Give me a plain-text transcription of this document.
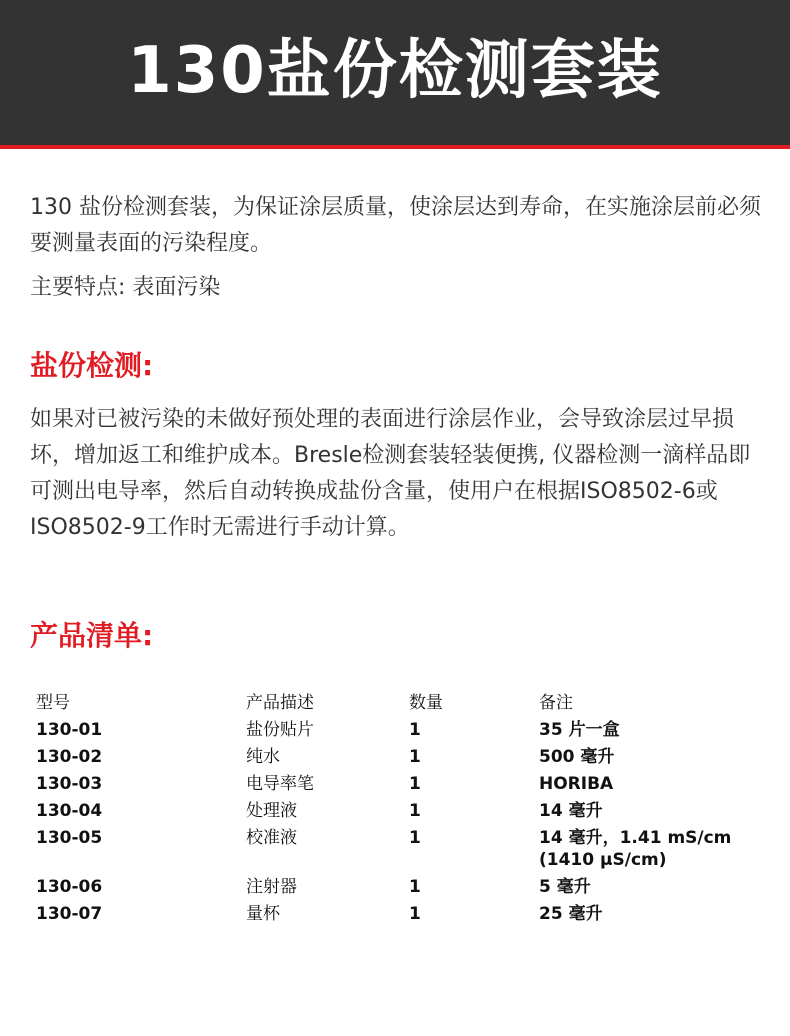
130盐份检测套装

130 盐份检测套装，为保证涂层质量，使涂层达到寿命，在实施涂层前必须要测量表面的污染程度。

主要特点: 表面污染

盐份检测:

如果对已被污染的未做好预处理的表面进行涂层作业，会导致涂层过早损坏，增加返工和维护成本。Bresle检测套装轻装便携, 仪器检测一滴样品即可测出电导率，然后自动转换成盐份含量，使用户在根据ISO8502-6或ISO8502-9工作时无需进行手动计算。

产品清单:
型号	产品描述	数量	备注
130-01	盐份贴片	1	35 片一盒
130-02	纯水	1	500 毫升
130-03	电导率笔	1	HORIBA
130-04	处理液	1	14 毫升
130-05	校准液	1	14 毫升，1.41 mS/cm (1410 μS/cm)
130-06	注射器	1	5 毫升
130-07	量杯	1	25 毫升
